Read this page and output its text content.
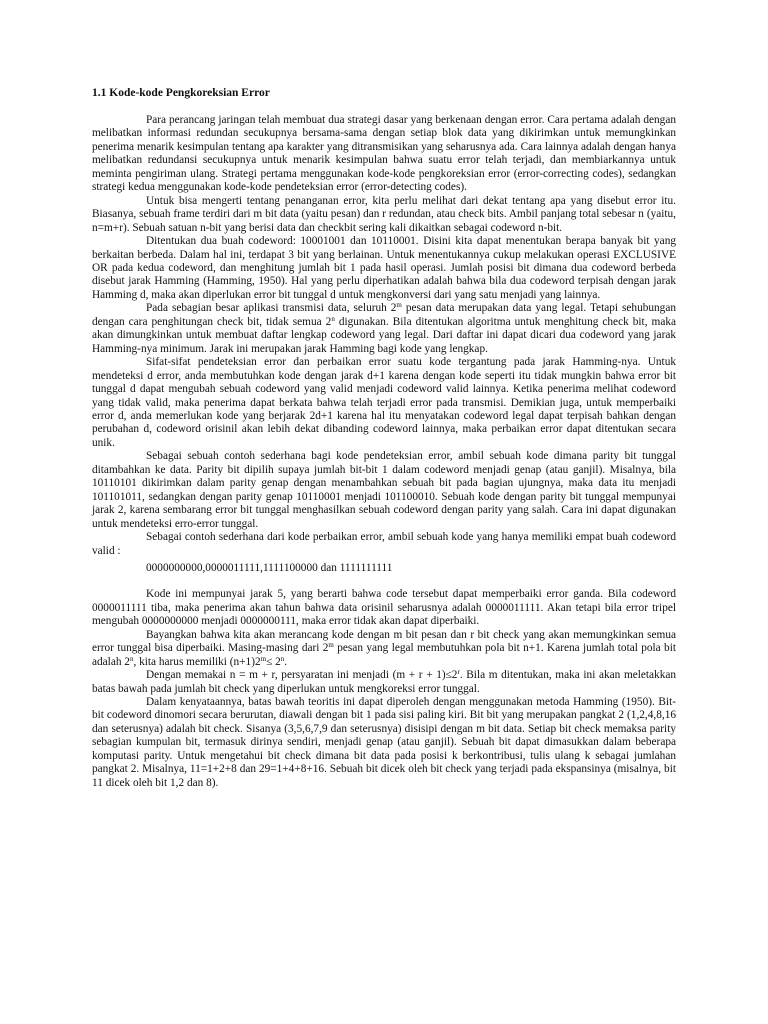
1.1 Kode-kode Pengkoreksian Error

Para perancang jaringan telah membuat dua strategi dasar yang berkenaan dengan error. Cara pertama adalah dengan melibatkan informasi redundan secukupnya bersama-sama dengan setiap blok data yang dikirimkan untuk memungkinkan penerima menarik kesimpulan tentang apa karakter yang ditransmisikan yang seharusnya ada. Cara lainnya adalah dengan hanya melibatkan redundansi secukupnya untuk menarik kesimpulan bahwa suatu error telah terjadi, dan membiarkannya untuk meminta pengiriman ulang. Strategi pertama menggunakan kode-kode pengkoreksian error (error-correcting codes), sedangkan strategi kedua menggunakan kode-kode pendeteksian error (error-detecting codes).

Untuk bisa mengerti tentang penanganan error, kita perlu melihat dari dekat tentang apa yang disebut error itu. Biasanya, sebuah frame terdiri dari m bit data (yaitu pesan) dan r redundan, atau check bits. Ambil panjang total sebesar n (yaitu, n=m+r). Sebuah satuan n-bit yang berisi data dan checkbit sering kali dikaitkan sebagai codeword n-bit.

Ditentukan dua buah codeword: 10001001 dan 10110001. Disini kita dapat menentukan berapa banyak bit yang berkaitan berbeda. Dalam hal ini, terdapat 3 bit yang berlainan. Untuk menentukannya cukup melakukan operasi EXCLUSIVE OR pada kedua codeword, dan menghitung jumlah bit 1 pada hasil operasi. Jumlah posisi bit dimana dua codeword berbeda disebut jarak Hamming (Hamming, 1950). Hal yang perlu diperhatikan adalah bahwa bila dua codeword terpisah dengan jarak Hamming d, maka akan diperlukan error bit tunggal d untuk mengkonversi dari yang satu menjadi yang lainnya.

Pada sebagian besar aplikasi transmisi data, seluruh 2$^m$ pesan data merupakan data yang legal. Tetapi sehubungan dengan cara penghitungan check bit, tidak semua 2$^n$ digunakan. Bila ditentukan algoritma untuk menghitung check bit, maka akan dimungkinkan untuk membuat daftar lengkap codeword yang legal. Dari daftar ini dapat dicari dua codeword yang jarak Hamming-nya minimum. Jarak ini merupakan jarak Hamming bagi kode yang lengkap.

Sifat-sifat pendeteksian error dan perbaikan error suatu kode tergantung pada jarak Hamming-nya. Untuk mendeteksi d error, anda membutuhkan kode dengan jarak d+1 karena dengan kode seperti itu tidak mungkin bahwa error bit tunggal d dapat mengubah sebuah codeword yang valid menjadi codeword valid lainnya. Ketika penerima melihat codeword yang tidak valid, maka penerima dapat berkata bahwa telah terjadi error pada transmisi. Demikian juga, untuk memperbaiki error d, anda memerlukan kode yang berjarak 2d+1 karena hal itu menyatakan codeword legal dapat terpisah bahkan dengan perubahan d, codeword orisinil akan lebih dekat dibanding codeword lainnya, maka perbaikan error dapat ditentukan secara unik.

Sebagai sebuah contoh sederhana bagi kode pendeteksian error, ambil sebuah kode dimana parity bit tunggal ditambahkan ke data. Parity bit dipilih supaya jumlah bit-bit 1 dalam codeword menjadi genap (atau ganjil). Misalnya, bila 10110101 dikirimkan dalam parity genap dengan menambahkan sebuah bit pada bagian ujungnya, maka data itu menjadi 101101011, sedangkan dengan parity genap 10110001 menjadi 101100010. Sebuah kode dengan parity bit tunggal mempunyai jarak 2, karena sembarang error bit tunggal menghasilkan sebuah codeword dengan parity yang salah. Cara ini dapat digunakan untuk mendeteksi erro-error tunggal.

Sebagai contoh sederhana dari kode perbaikan error, ambil sebuah kode yang hanya memiliki empat buah codeword valid :

0000000000,0000011111,1111100000 dan 1111111111

Kode ini mempunyai jarak 5, yang berarti bahwa code tersebut dapat memperbaiki error ganda. Bila codeword 0000011111 tiba, maka penerima akan tahun bahwa data orisinil seharusnya adalah 0000011111. Akan tetapi bila error tripel mengubah 0000000000 menjadi 0000000111, maka error tidak akan dapat diperbaiki.

Bayangkan bahwa kita akan merancang kode dengan m bit pesan dan r bit check yang akan memungkinkan semua error tunggal bisa diperbaiki. Masing-masing dari 2$^m$ pesan yang legal membutuhkan pola bit n+1. Karena jumlah total pola bit adalah 2$^n$, kita harus memiliki $(n+1)2^m\le 2^n$.

Dengan memakai n = m + r, persyaratan ini menjadi $(m + r + 1)\le 2^r$. Bila m ditentukan, maka ini akan meletakkan batas bawah pada jumlah bit check yang diperlukan untuk mengkoreksi error tunggal.

Dalam kenyataannya, batas bawah teoritis ini dapat diperoleh dengan menggunakan metoda Hamming (1950). Bit-bit codeword dinomori secara berurutan, diawali dengan bit 1 pada sisi paling kiri. Bit bit yang merupakan pangkat 2 (1,2,4,8,16 dan seterusnya) adalah bit check. Sisanya (3,5,6,7,9 dan seterusnya) disisipi dengan m bit data. Setiap bit check memaksa parity sebagian kumpulan bit, termasuk dirinya sendiri, menjadi genap (atau ganjil). Sebuah bit dapat dimasukkan dalam beberapa komputasi parity. Untuk mengetahui bit check dimana bit data pada posisi k berkontribusi, tulis ulang k sebagai jumlahan pangkat 2. Misalnya, 11=1+2+8 dan 29=1+4+8+16. Sebuah bit dicek oleh bit check yang terjadi pada ekspansinya (misalnya, bit 11 dicek oleh bit 1,2 dan 8).
